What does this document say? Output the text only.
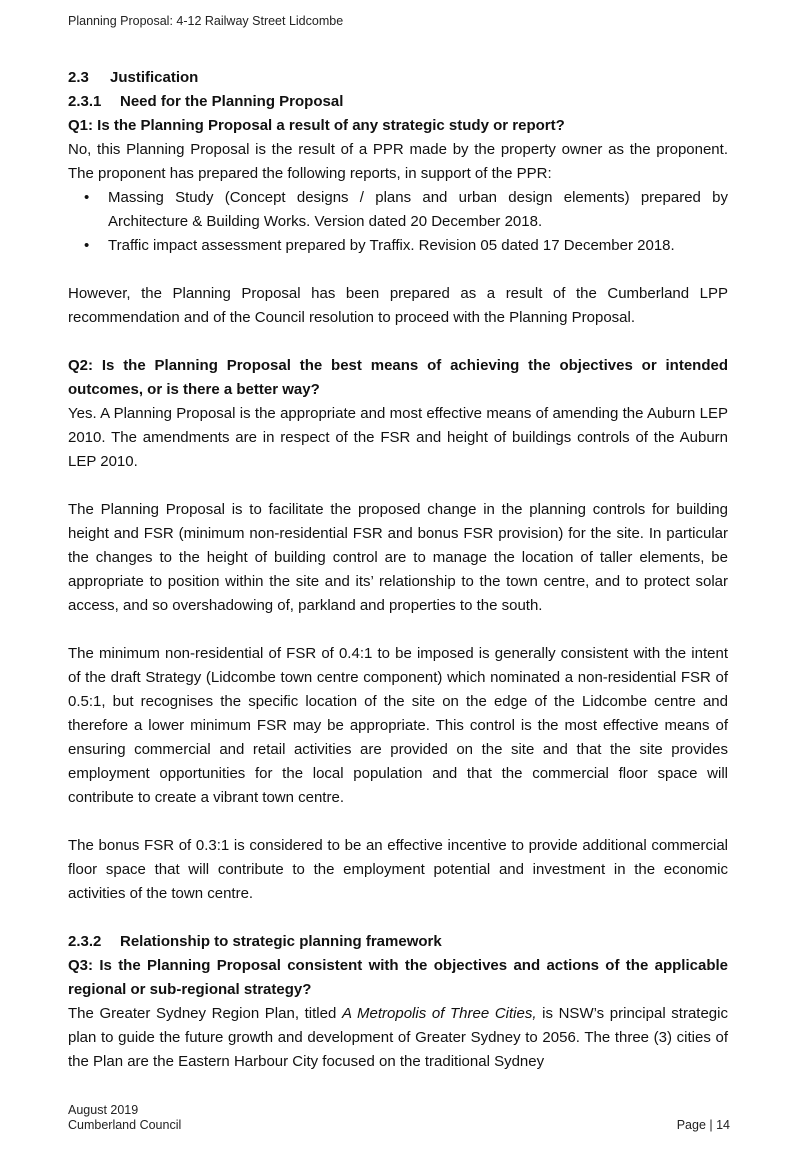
Planning Proposal: 4-12 Railway Street Lidcombe

2.3 Justification

2.3.1 Need for the Planning Proposal

Q1: Is the Planning Proposal a result of any strategic study or report?

No, this Planning Proposal is the result of a PPR made by the property owner as the proponent. The proponent has prepared the following reports, in support of the PPR:

• Massing Study (Concept designs / plans and urban design elements) prepared by Architecture & Building Works. Version dated 20 December 2018.
• Traffic impact assessment prepared by Traffix. Revision 05 dated 17 December 2018.

However, the Planning Proposal has been prepared as a result of the Cumberland LPP recommendation and of the Council resolution to proceed with the Planning Proposal.

Q2: Is the Planning Proposal the best means of achieving the objectives or intended outcomes, or is there a better way?

Yes. A Planning Proposal is the appropriate and most effective means of amending the Auburn LEP 2010. The amendments are in respect of the FSR and height of buildings controls of the Auburn LEP 2010.

The Planning Proposal is to facilitate the proposed change in the planning controls for building height and FSR (minimum non-residential FSR and bonus FSR provision) for the site. In particular the changes to the height of building control are to manage the location of taller elements, be appropriate to position within the site and its’ relationship to the town centre, and to protect solar access, and so overshadowing of, parkland and properties to the south.

The minimum non-residential of FSR of 0.4:1 to be imposed is generally consistent with the intent of the draft Strategy (Lidcombe town centre component) which nominated a non-residential FSR of 0.5:1, but recognises the specific location of the site on the edge of the Lidcombe centre and therefore a lower minimum FSR may be appropriate. This control is the most effective means of ensuring commercial and retail activities are provided on the site and that the site provides employment opportunities for the local population and that the commercial floor space will contribute to create a vibrant town centre.

The bonus FSR of 0.3:1 is considered to be an effective incentive to provide additional commercial floor space that will contribute to the employment potential and investment in the economic activities of the town centre.

2.3.2 Relationship to strategic planning framework

Q3: Is the Planning Proposal consistent with the objectives and actions of the applicable regional or sub-regional strategy?

The Greater Sydney Region Plan, titled A Metropolis of Three Cities, is NSW’s principal strategic plan to guide the future growth and development of Greater Sydney to 2056. The three (3) cities of the Plan are the Eastern Harbour City focused on the traditional Sydney

August 2019
Cumberland Council	Page | 14
